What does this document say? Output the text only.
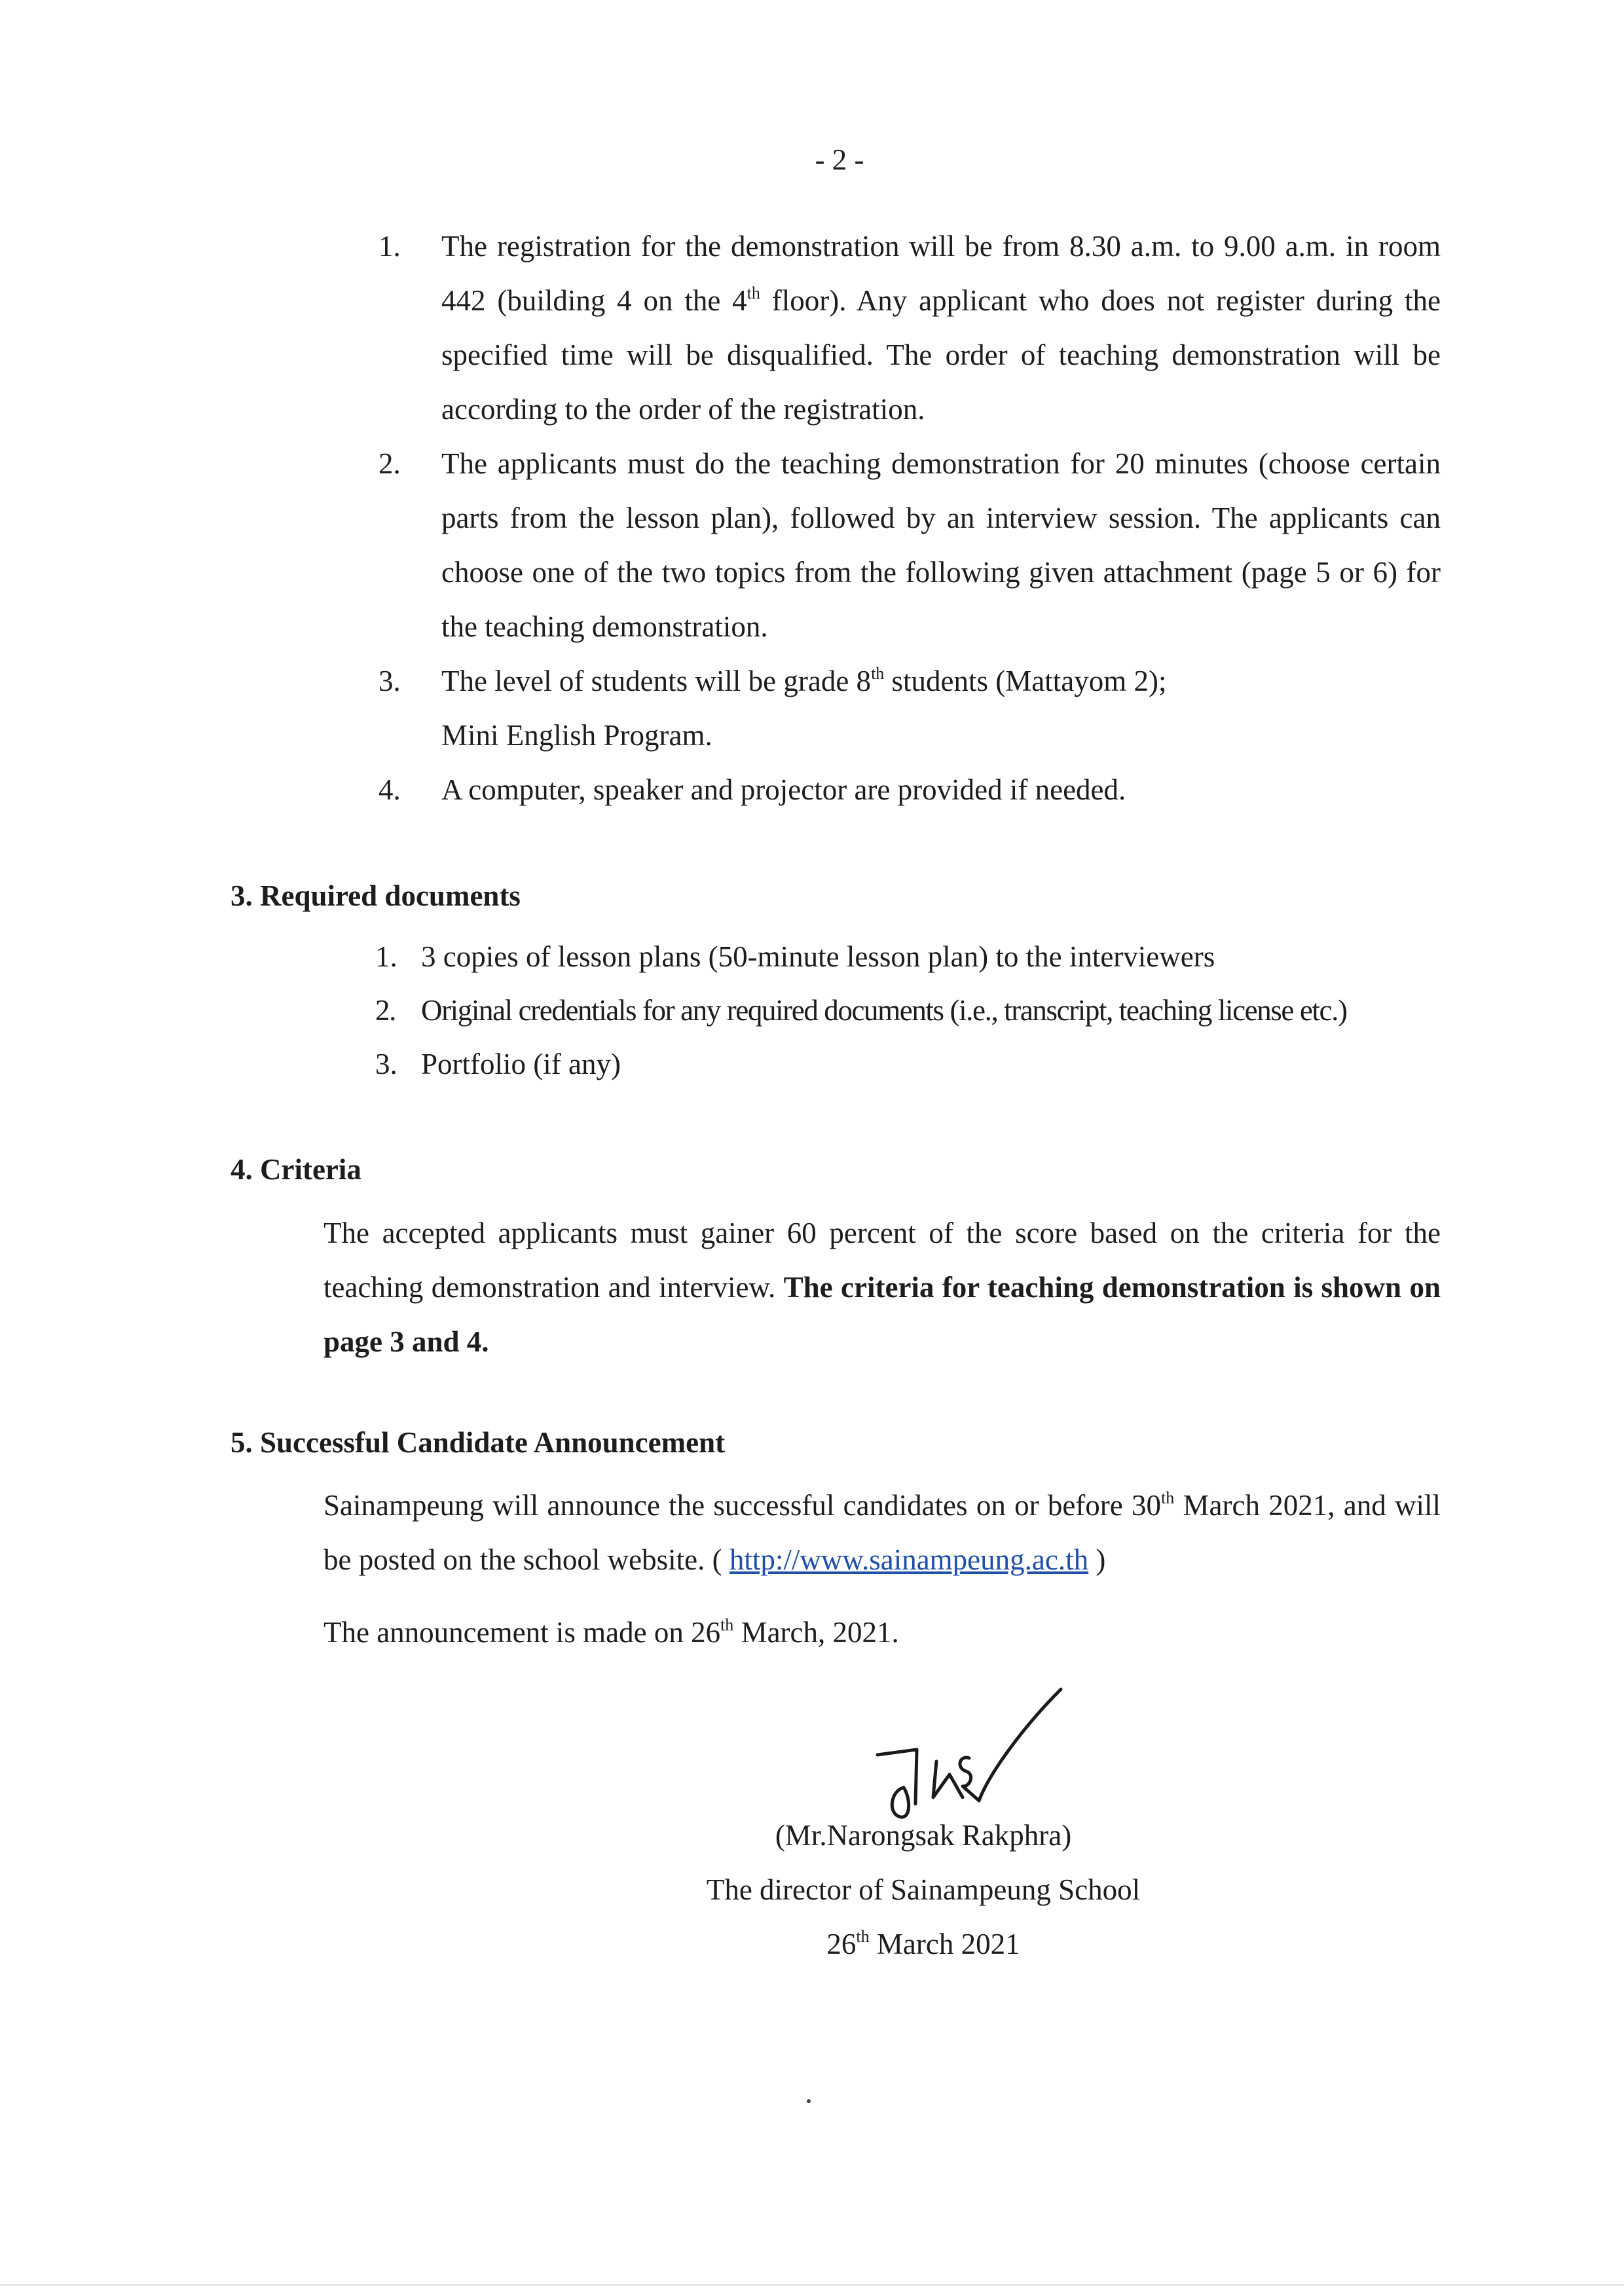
- 2 -
1. The registration for the demonstration will be from 8.30 a.m. to 9.00 a.m. in room 442 (building 4 on the 4th floor). Any applicant who does not register during the specified time will be disqualified. The order of teaching demonstration will be according to the order of the registration.
2. The applicants must do the teaching demonstration for 20 minutes (choose certain parts from the lesson plan), followed by an interview session. The applicants can choose one of the two topics from the following given attachment (page 5 or 6) for the teaching demonstration.
3. The level of students will be grade 8th students (Mattayom 2);
Mini English Program.
4. A computer, speaker and projector are provided if needed.
3. Required documents
1. 3 copies of lesson plans (50-minute lesson plan) to the interviewers
2. Original credentials for any required documents (i.e., transcript, teaching license etc.)
3. Portfolio (if any)
4. Criteria
The accepted applicants must gainer 60 percent of the score based on the criteria for the teaching demonstration and interview. The criteria for teaching demonstration is shown on page 3 and 4.
5. Successful Candidate Announcement
Sainampeung will announce the successful candidates on or before 30th March 2021, and will be posted on the school website. ( http://www.sainampeung.ac.th )
The announcement is made on 26th March, 2021.
(Mr.Narongsak Rakphra)
The director of Sainampeung School
26th March 2021
